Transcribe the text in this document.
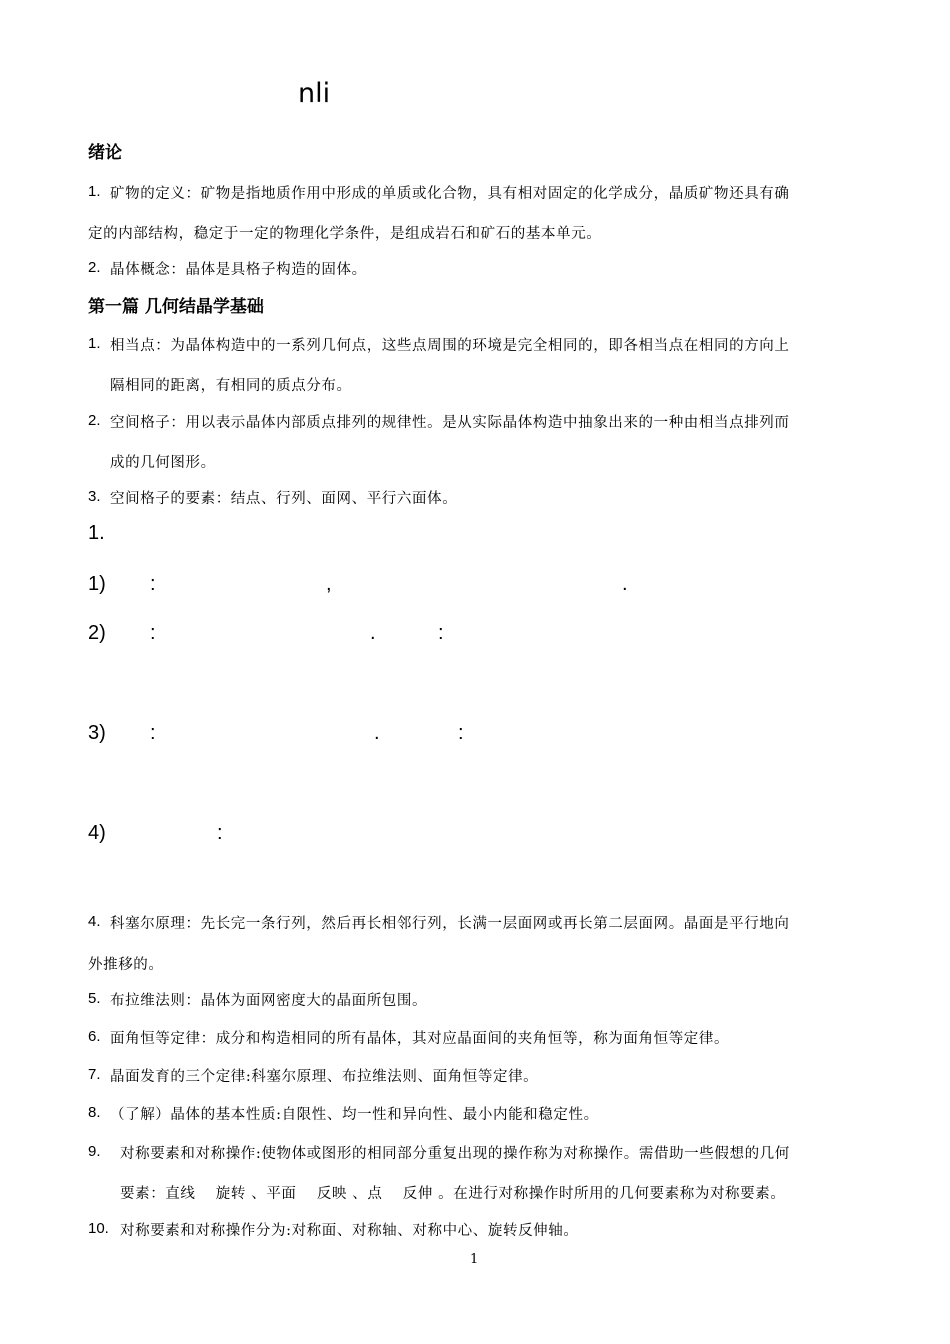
nli
绪论
1. 矿物的定义：矿物是指地质作用中形成的单质或化合物，具有相对固定的化学成分，晶质矿物还具有确
定的内部结构，稳定于一定的物理化学条件，是组成岩石和矿石的基本单元。
2. 晶体概念：晶体是具格子构造的固体。
第一篇 几何结晶学基础
1. 相当点：为晶体构造中的一系列几何点，这些点周围的环境是完全相同的，即各相当点在相同的方向上
隔相同的距离，有相同的质点分布。
2. 空间格子：用以表示晶体内部质点排列的规律性。是从实际晶体构造中抽象出来的一种由相当点排列而
成的几何图形。
3. 空间格子的要素：结点、行列、面网、平行六面体。
1.
1) :	,	.
2) :	.	:
3) :	.	:
4)	:
4. 科塞尔原理：先长完一条行列，然后再长相邻行列，长满一层面网或再长第二层面网。晶面是平行地向
外推移的。
5. 布拉维法则：晶体为面网密度大的晶面所包围。
6. 面角恒等定律：成分和构造相同的所有晶体，其对应晶面间的夹角恒等，称为面角恒等定律。
7. 晶面发育的三个定律:科塞尔原理、布拉维法则、面角恒等定律。
8. （了解）晶体的基本性质:自限性、均一性和异向性、最小内能和稳定性。
9. 对称要素和对称操作:使物体或图形的相同部分重复出现的操作称为对称操作。需借助一些假想的几何
要素：直线　 旋转 、平面　 反映 、点　 反伸 。在进行对称操作时所用的几何要素称为对称要素。
10. 对称要素和对称操作分为:对称面、对称轴、对称中心、旋转反伸轴。
1
